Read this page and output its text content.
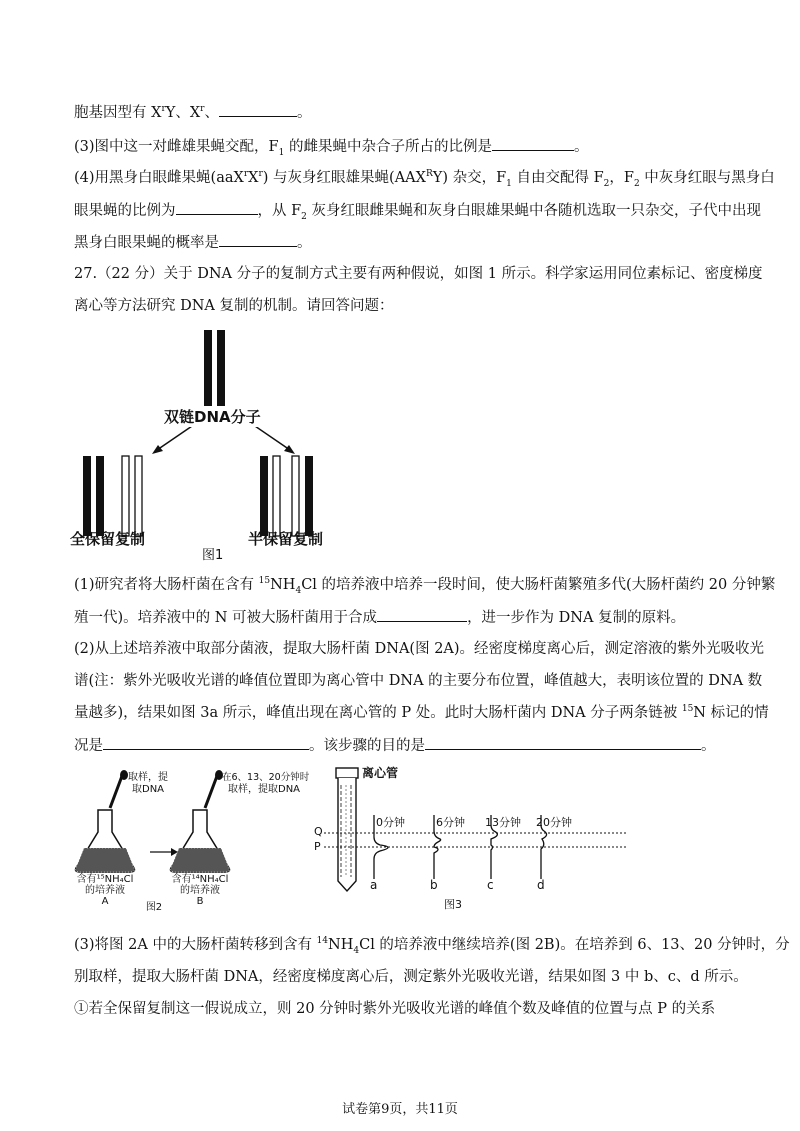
胞基因型有 $X^rY$、$X^r$、	。
(3)图中这一对雌雄果蝇交配，$F_1$ 的雌果蝇中杂合子所占的比例是	。
(4)用黑身白眼雌果蝇$(aaX^rX^r)$ 与灰身红眼雄果蝇$(AAX^RY)$ 杂交，$F_1$ 自由交配得 $F_2$，$F_2$ 中灰身红眼与黑身白
眼果蝇的比例为	，从 $F_2$ 灰身红眼雌果蝇和灰身白眼雄果蝇中各随机选取一只杂交，子代中出现
黑身白眼果蝇的概率是	。
27.（22 分）关于 DNA 分子的复制方式主要有两种假说，如图 1 所示。科学家运用同位素标记、密度梯度
离心等方法研究 DNA 复制的机制。请回答问题：
双链DNA分子
全保留复制	半保留复制
图1
(1)研究者将大肠杆菌在含有 $^{15}NH_4Cl$ 的培养液中培养一段时间，使大肠杆菌繁殖多代(大肠杆菌约 20 分钟繁
殖一代)。培养液中的 N 可被大肠杆菌用于合成	，进一步作为 DNA 复制的原料。
(2)从上述培养液中取部分菌液，提取大肠杆菌 DNA(图 2A)。经密度梯度离心后，测定溶液的紫外光吸收光
谱(注：紫外光吸收光谱的峰值位置即为离心管中 DNA 的主要分布位置，峰值越大，表明该位置的 DNA 数
量越多)，结果如图 3a 所示，峰值出现在离心管的 P 处。此时大肠杆菌内 DNA 分子两条链被 $^{15}$N 标记的情
况是	。该步骤的目的是	。
取样，提
取DNA
在6、13、20分钟时
取样，提取DNA
含有¹⁵NH₄Cl
的培养液
A
含有¹⁴NH₄Cl
的培养液
B
图2
离心管
Q
P
0分钟	6分钟 13分钟 20分钟
a	b	c	d
图3
(3)将图 2A 中的大肠杆菌转移到含有 $^{14}NH_4Cl$ 的培养液中继续培养(图 2B)。在培养到 6、13、20 分钟时，分
别取样，提取大肠杆菌 DNA，经密度梯度离心后，测定紫外光吸收光谱，结果如图 3 中 b、c、d 所示。
①若全保留复制这一假说成立，则 20 分钟时紫外光吸收光谱的峰值个数及峰值的位置与点 P 的关系
试卷第9页，共11页
